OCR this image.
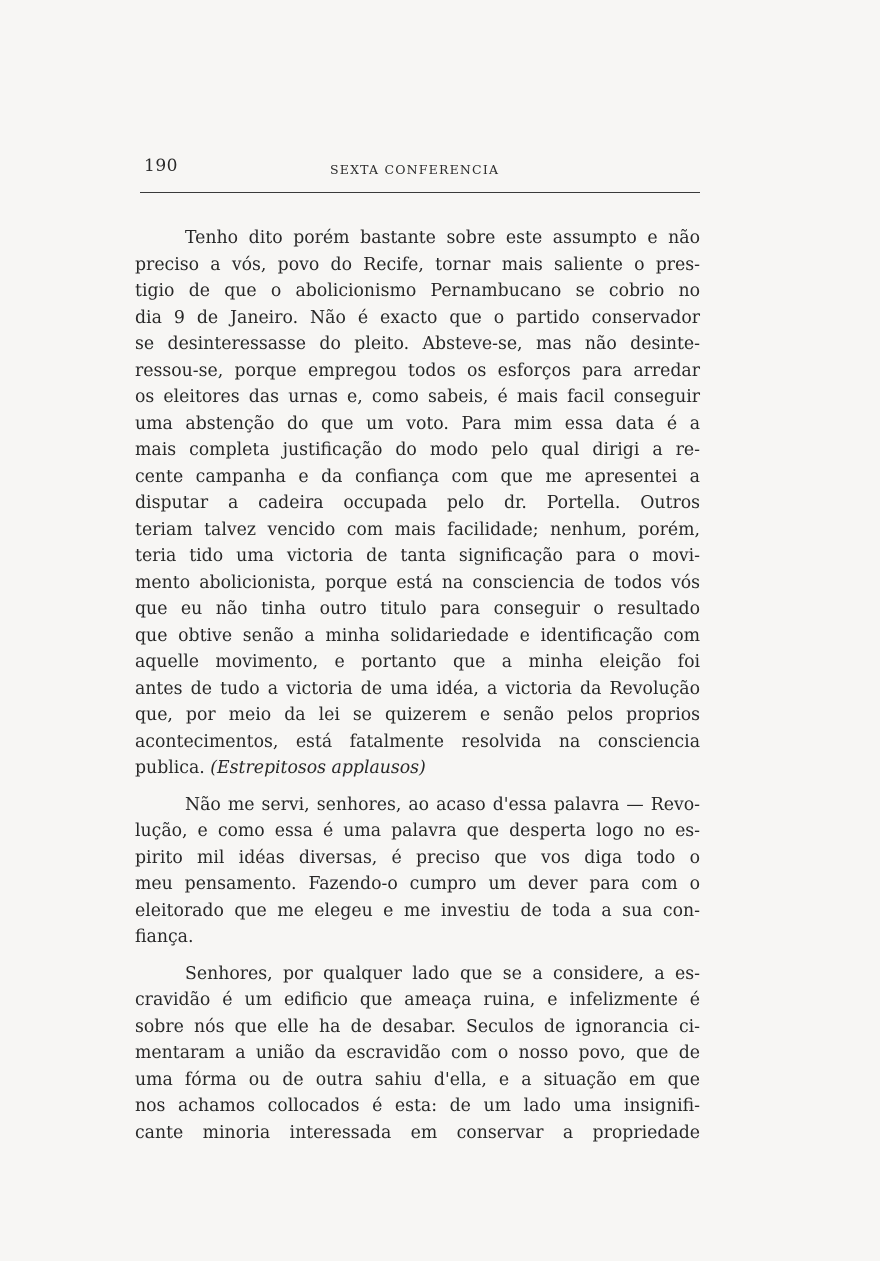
190	SEXTA CONFERENCIA
Tenho dito porém bastante sobre este assumpto e não
preciso a vós, povo do Recife, tornar mais saliente o pres-
tigio de que o abolicionismo Pernambucano se cobrio no
dia 9 de Janeiro. Não é exacto que o partido conservador
se desinteressasse do pleito. Absteve-se, mas não desinte-
ressou-se, porque empregou todos os esforços para arredar
os eleitores das urnas e, como sabeis, é mais facil conseguir
uma abstenção do que um voto. Para mim essa data é a
mais completa justificação do modo pelo qual dirigi a re-
cente campanha e da confiança com que me apresentei a
disputar a cadeira occupada pelo dr. Portella. Outros
teriam talvez vencido com mais facilidade; nenhum, porém,
teria tido uma victoria de tanta significação para o movi-
mento abolicionista, porque está na consciencia de todos vós
que eu não tinha outro titulo para conseguir o resultado
que obtive senão a minha solidariedade e identificação com
aquelle movimento, e portanto que a minha eleição foi
antes de tudo a victoria de uma idéa, a victoria da Revolução
que, por meio da lei se quizerem e senão pelos proprios
acontecimentos, está fatalmente resolvida na consciencia
publica. (Estrepitosos applausos)
Não me servi, senhores, ao acaso d'essa palavra — Revo-
lução, e como essa é uma palavra que desperta logo no es-
pirito mil idéas diversas, é preciso que vos diga todo o
meu pensamento. Fazendo-o cumpro um dever para com o
eleitorado que me elegeu e me investiu de toda a sua con-
fiança.
Senhores, por qualquer lado que se a considere, a es-
cravidão é um edificio que ameaça ruina, e infelizmente é
sobre nós que elle ha de desabar. Seculos de ignorancia ci-
mentaram a união da escravidão com o nosso povo, que de
uma fórma ou de outra sahiu d'ella, e a situação em que
nos achamos collocados é esta: de um lado uma insignifi-
cante minoria interessada em conservar a propriedade
